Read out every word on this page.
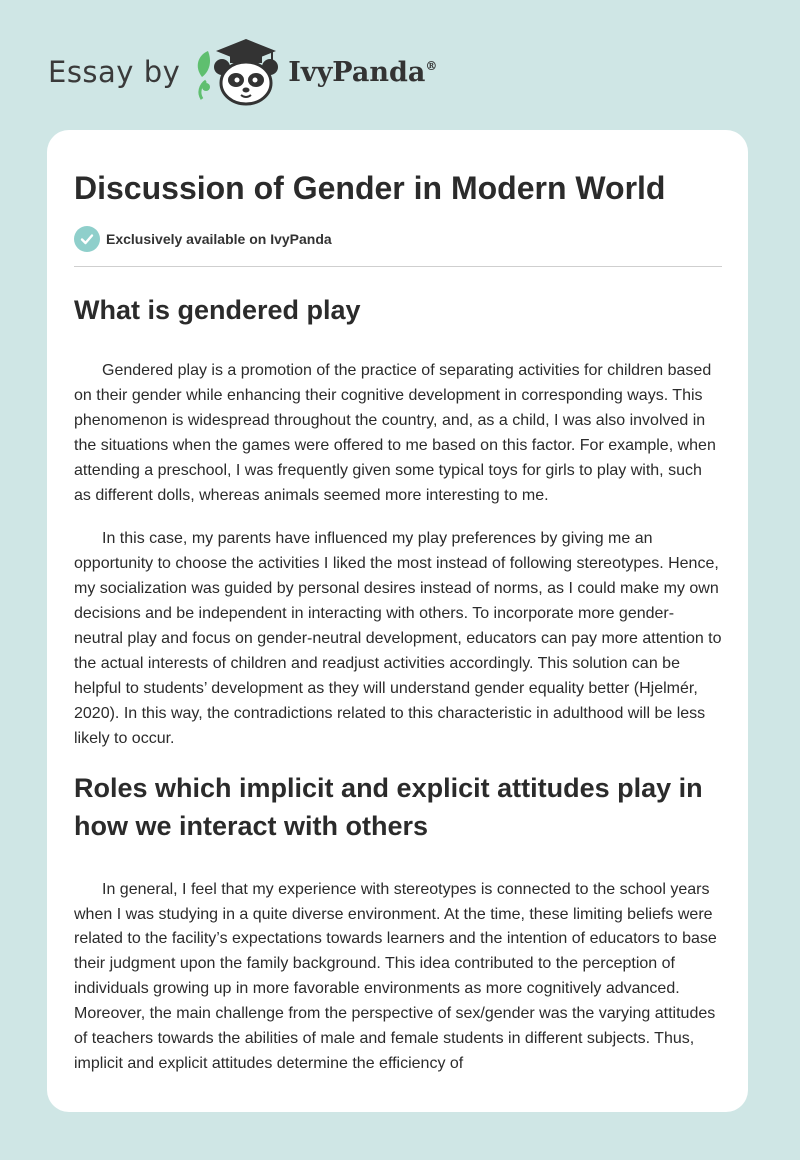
Essay by	IvyPanda®
Discussion of Gender in Modern World
Exclusively available on IvyPanda
What is gendered play

Gendered play is a promotion of the practice of separating activities for children based on their gender while enhancing their cognitive development in corresponding ways. This phenomenon is widespread throughout the country, and, as a child, I was also involved in the situations when the games were offered to me based on this factor. For example, when attending a preschool, I was frequently given some typical toys for girls to play with, such as different dolls, whereas animals seemed more interesting to me.

In this case, my parents have influenced my play preferences by giving me an opportunity to choose the activities I liked the most instead of following stereotypes. Hence, my socialization was guided by personal desires instead of norms, as I could make my own decisions and be independent in interacting with others. To incorporate more gender-neutral play and focus on gender-neutral development, educators can pay more attention to the actual interests of children and readjust activities accordingly. This solution can be helpful to students’ development as they will understand gender equality better (Hjelmér, 2020). In this way, the contradictions related to this characteristic in adulthood will be less likely to occur.

Roles which implicit and explicit attitudes play in how we interact with others

In general, I feel that my experience with stereotypes is connected to the school years when I was studying in a quite diverse environment. At the time, these limiting beliefs were related to the facility’s expectations towards learners and the intention of educators to base their judgment upon the family background. This idea contributed to the perception of individuals growing up in more favorable environments as more cognitively advanced. Moreover, the main challenge from the perspective of sex/gender was the varying attitudes of teachers towards the abilities of male and female students in different subjects. Thus, implicit and explicit attitudes determine the efficiency of
